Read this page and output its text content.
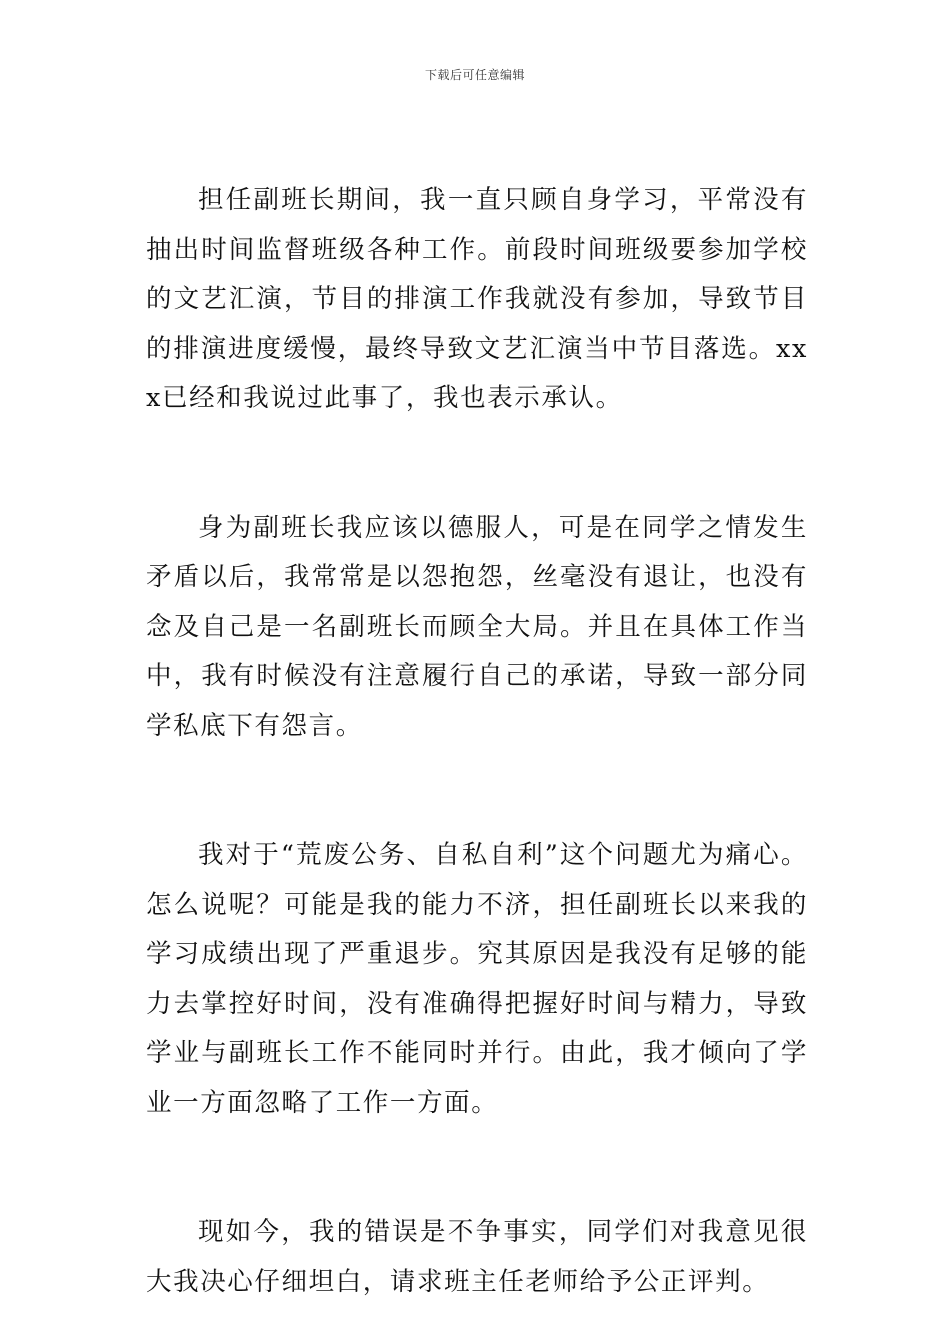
下载后可任意编辑

担任副班长期间，我一直只顾自身学习，平常没有抽出时间监督班级各种工作。前段时间班级要参加学校的文艺汇演，节目的排演工作我就没有参加，导致节目的排演进度缓慢，最终导致文艺汇演当中节目落选。xxx已经和我说过此事了，我也表示承认。

身为副班长我应该以德服人，可是在同学之情发生矛盾以后，我常常是以怨抱怨，丝毫没有退让，也没有念及自己是一名副班长而顾全大局。并且在具体工作当中，我有时候没有注意履行自己的承诺，导致一部分同学私底下有怨言。

我对于“荒废公务、自私自利”这个问题尤为痛心。怎么说呢？可能是我的能力不济，担任副班长以来我的学习成绩出现了严重退步。究其原因是我没有足够的能力去掌控好时间，没有准确得把握好时间与精力，导致学业与副班长工作不能同时并行。由此，我才倾向了学业一方面忽略了工作一方面。

现如今，我的错误是不争事实，同学们对我意见很大我决心仔细坦白，请求班主任老师给予公正评判。
